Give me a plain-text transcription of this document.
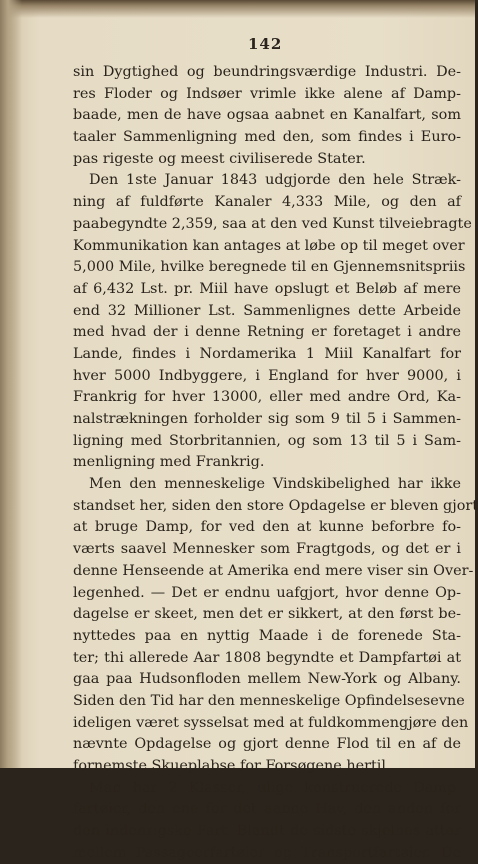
142
sin Dygtighed og beundringsværdige Industri. De-
res Floder og Indsøer vrimle ikke alene af Damp-
baade, men de have ogsaa aabnet en Kanalfart, som
taaler Sammenligning med den, som findes i Euro-
pas rigeste og meest civiliserede Stater.
Den 1ste Januar 1843 udgjorde den hele Stræk-
ning af fuldførte Kanaler 4,333 Mile, og den af
paabegyndte 2,359, saa at den ved Kunst tilveiebragte
Kommunikation kan antages at løbe op til meget over
5,000 Mile, hvilke beregnede til en Gjennemsnitspriis
af 6,432 Lst. pr. Miil have opslugt et Beløb af mere
end 32 Millioner Lst. Sammenlignes dette Arbeide
med hvad der i denne Retning er foretaget i andre
Lande, findes i Nordamerika 1 Miil Kanalfart for
hver 5000 Indbyggere, i England for hver 9000, i
Frankrig for hver 13000, eller med andre Ord, Ka-
nalstrækningen forholder sig som 9 til 5 i Sammen-
ligning med Storbritannien, og som 13 til 5 i Sam-
menligning med Frankrig.
Men den menneskelige Vindskibelighed har ikke
standset her, siden den store Opdagelse er bleven gjort
at bruge Damp, for ved den at kunne beforbre fo-
værts saavel Mennesker som Fragtgods, og det er i
denne Henseende at Amerika end mere viser sin Over-
legenhed. — Det er endnu uafgjort, hvor denne Op-
dagelse er skeet, men det er sikkert, at den først be-
nyttedes paa en nyttig Maade i de forenede Sta-
ter; thi allerede Aar 1808 begyndte et Dampfartøi at
gaa paa Hudsonfloden mellem New-York og Albany.
Siden den Tid har den menneskelige Opfindelsesevne
ideligen været sysselsat med at fuldkommengjøre den
nævnte Opdagelse og gjort denne Flod til en af de
fornemste Skueplabse for Forsøgene hertil.
Man har 2 Klasser, ulige konstruerede Damp-
fartøier, den ene for det aabne Hav, den anden for
den indenrigske Fart. Blandt de sidste skjelnes atter
mellem Passageerfartøier og Transportfartøier. De
